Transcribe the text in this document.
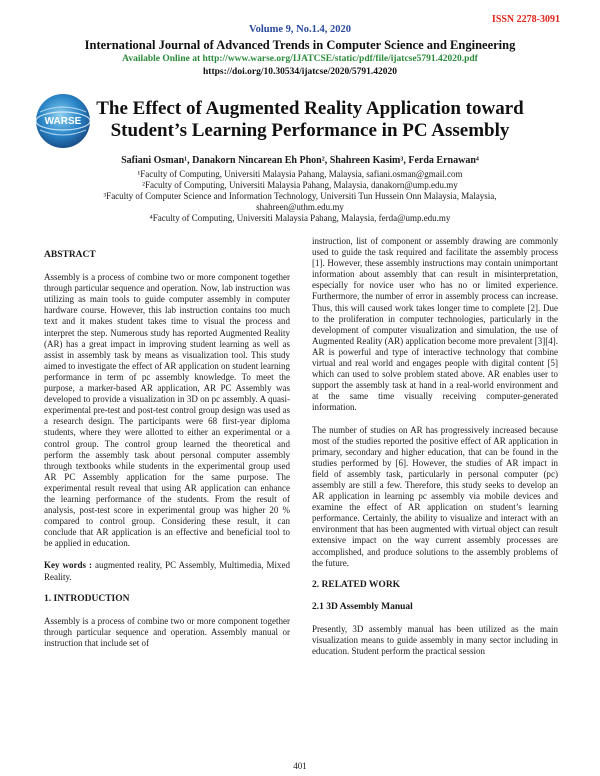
ISSN 2278-3091
Volume 9, No.1.4, 2020
International Journal of Advanced Trends in Computer Science and Engineering
Available Online at http://www.warse.org/IJATCSE/static/pdf/file/ijatcse5791.42020.pdf
https://doi.org/10.30534/ijatcse/2020/5791.42020
WARSE
The Effect of Augmented Reality Application toward
Student’s Learning Performance in PC Assembly
Safiani Osman¹, Danakorn Nincarean Eh Phon², Shahreen Kasim³, Ferda Ernawan⁴
¹Faculty of Computing, Universiti Malaysia Pahang, Malaysia, safiani.osman@gmail.com
²Faculty of Computing, Universiti Malaysia Pahang, Malaysia, danakorn@ump.edu.my
³Faculty of Computer Science and Information Technology, Universiti Tun Hussein Onn Malaysia, Malaysia,
shahreen@uthm.edu.my
⁴Faculty of Computing, Universiti Malaysia Pahang, Malaysia, ferda@ump.edu.my
ABSTRACT

Assembly is a process of combine two or more component together through particular sequence and operation. Now, lab instruction was utilizing as main tools to guide computer assembly in computer hardware course. However, this lab instruction contains too much text and it makes student takes time to visual the process and interpret the step. Numerous study has reported Augmented Reality (AR) has a great impact in improving student learning as well as assist in assembly task by means as visualization tool. This study aimed to investigate the effect of AR application on student learning performance in term of pc assembly knowledge. To meet the purpose, a marker-based AR application, AR PC Assembly was developed to provide a visualization in 3D on pc assembly. A quasi-experimental pre-test and post-test control group design was used as a research design. The participants were 68 first-year diploma students, where they were allotted to either an experimental or a control group. The control group learned the theoretical and perform the assembly task about personal computer assembly through textbooks while students in the experimental group used AR PC Assembly application for the same purpose. The experimental result reveal that using AR application can enhance the learning performance of the students. From the result of analysis, post-test score in experimental group was higher 20 % compared to control group. Considering these result, it can conclude that AR application is an effective and beneficial tool to be applied in education.

Key words : augmented reality, PC Assembly, Multimedia, Mixed Reality.

1. INTRODUCTION

Assembly is a process of combine two or more component together through particular sequence and operation. Assembly manual or instruction that include set of

instruction, list of component or assembly drawing are commonly used to guide the task required and facilitate the assembly process [1]. However, these assembly instructions may contain unimportant information about assembly that can result in misinterpretation, especially for novice user who has no or limited experience. Furthermore, the number of error in assembly process can increase. Thus, this will caused work takes longer time to complete [2]. Due to the proliferation in computer technologies, particularly in the development of computer visualization and simulation, the use of Augmented Reality (AR) application become more prevalent [3][4]. AR is powerful and type of interactive technology that combine virtual and real world and engages people with digital content [5] which can used to solve problem stated above. AR enables user to support the assembly task at hand in a real-world environment and at the same time visually receiving computer-generated information.

The number of studies on AR has progressively increased because most of the studies reported the positive effect of AR application in primary, secondary and higher education, that can be found in the studies performed by [6]. However, the studies of AR impact in field of assembly task, particularly in personal computer (pc) assembly are still a few. Therefore, this study seeks to develop an AR application in learning pc assembly via mobile devices and examine the effect of AR application on student’s learning performance. Certainly, the ability to visualize and interact with an environment that has been augmented with virtual object can result extensive impact on the way current assembly processes are accomplished, and produce solutions to the assembly problems of the future.

2. RELATED WORK
2.1 3D Assembly Manual

Presently, 3D assembly manual has been utilized as the main visualization means to guide assembly in many sector including in education. Student perform the practical session

401
